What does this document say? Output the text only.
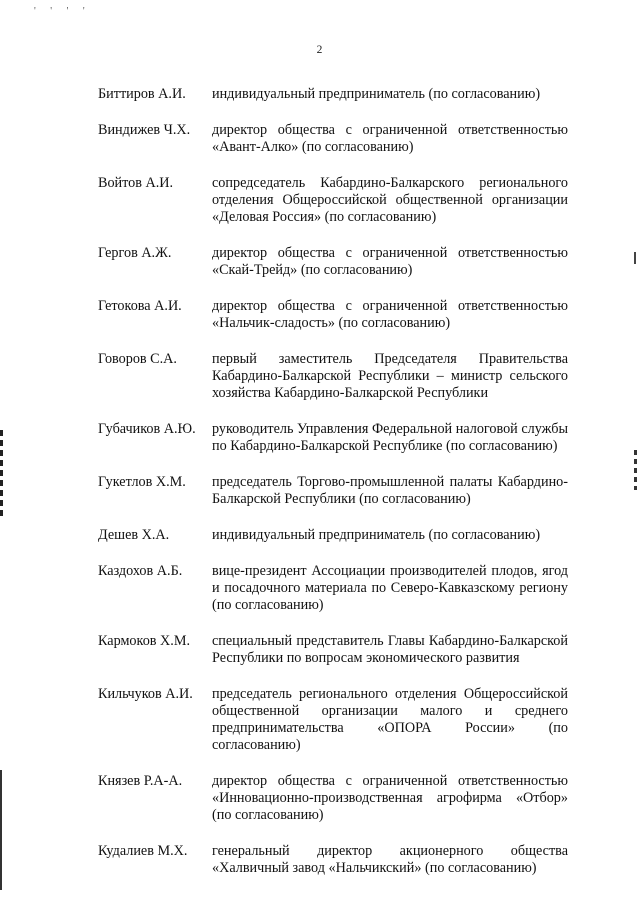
' ' ' '
2
Биттиров А.И.	индивидуальный предприниматель (по согласованию)
Виндижев Ч.Х.	директор общества с ограниченной ответственностью «Авант-Алко» (по согласованию)
Войтов А.И.	сопредседатель Кабардино-Балкарского регионального отделения Общероссийской общественной организации «Деловая Россия» (по согласованию)
Гергов А.Ж.	директор общества с ограниченной ответственностью «Скай-Трейд» (по согласованию)
Гетокова А.И.	директор общества с ограниченной ответственностью «Нальчик-сладость» (по согласованию)
Говоров С.А.	первый заместитель Председателя Правительства Кабардино-Балкарской Республики – министр сельского хозяйства Кабардино-Балкарской Республики
Губачиков А.Ю.	руководитель Управления Федеральной налоговой службы по Кабардино-Балкарской Республике (по согласованию)
Гукетлов Х.М.	председатель Торгово-промышленной палаты Кабардино-Балкарской Республики (по согласованию)
Дешев Х.А.	индивидуальный предприниматель (по согласованию)
Каздохов А.Б.	вице-президент Ассоциации производителей плодов, ягод и посадочного материала по Северо-Кавказскому региону (по согласованию)
Кармоков Х.М.	специальный представитель Главы Кабардино-Балкарской Республики по вопросам экономического развития
Кильчуков А.И.	председатель регионального отделения Общероссийской общественной организации малого и среднего предпринимательства «ОПОРА России» (по согласованию)
Князев Р.А-А.	директор общества с ограниченной ответственностью «Инновационно-производственная агрофирма «Отбор» (по согласованию)
Кудалиев М.Х.	генеральный директор акционерного общества «Халвичный завод «Нальчикский» (по согласованию)
